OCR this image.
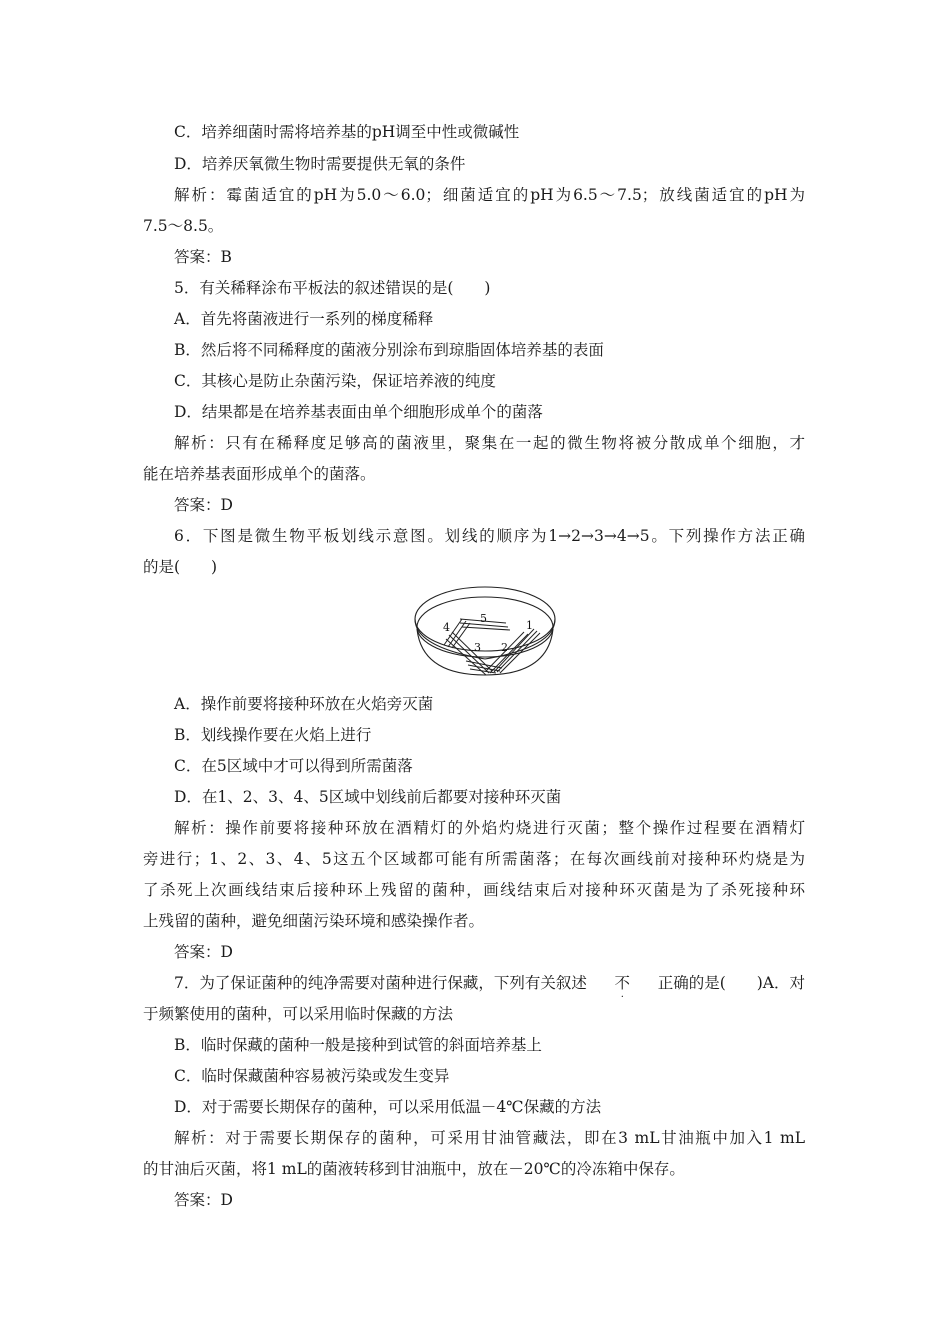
C．培养细菌时需将培养基的pH调至中性或微碱性
D．培养厌氧微生物时需要提供无氧的条件
解析：霉菌适宜的pH为5.0～6.0；细菌适宜的pH为6.5～7.5；放线菌适宜的pH为
7.5～8.5。
答案：B
5．有关稀释涂布平板法的叙述错误的是(　　)
A．首先将菌液进行一系列的梯度稀释
B．然后将不同稀释度的菌液分别涂布到琼脂固体培养基的表面
C．其核心是防止杂菌污染，保证培养液的纯度
D．结果都是在培养基表面由单个细胞形成单个的菌落
解析：只有在稀释度足够高的菌液里，聚集在一起的微生物将被分散成单个细胞，才
能在培养基表面形成单个的菌落。
答案：D
6．下图是微生物平板划线示意图。划线的顺序为1→2→3→4→5。下列操作方法正确
的是(　　)
1
2
3
4
5
A．操作前要将接种环放在火焰旁灭菌
B．划线操作要在火焰上进行
C．在5区域中才可以得到所需菌落
D．在1、2、3、4、5区域中划线前后都要对接种环灭菌
解析：操作前要将接种环放在酒精灯的外焰灼烧进行灭菌；整个操作过程要在酒精灯
旁进行；1、2、3、4、5这五个区域都可能有所需菌落；在每次画线前对接种环灼烧是为
了杀死上次画线结束后接种环上残留的菌种，画线结束后对接种环灭菌是为了杀死接种环
上残留的菌种，避免细菌污染环境和感染操作者。
答案：D
7．为了保证菌种的纯净需要对菌种进行保藏，下列有关叙述 不
·
正确的是(　　)A．对
于频繁使用的菌种，可以采用临时保藏的方法
B．临时保藏的菌种一般是接种到试管的斜面培养基上
C．临时保藏菌种容易被污染或发生变异
D．对于需要长期保存的菌种，可以采用低温－4℃保藏的方法
解析：对于需要长期保存的菌种，可采用甘油管藏法，即在3 mL甘油瓶中加入1 mL
的甘油后灭菌，将1 mL的菌液转移到甘油瓶中，放在－20℃的冷冻箱中保存。
答案：D
